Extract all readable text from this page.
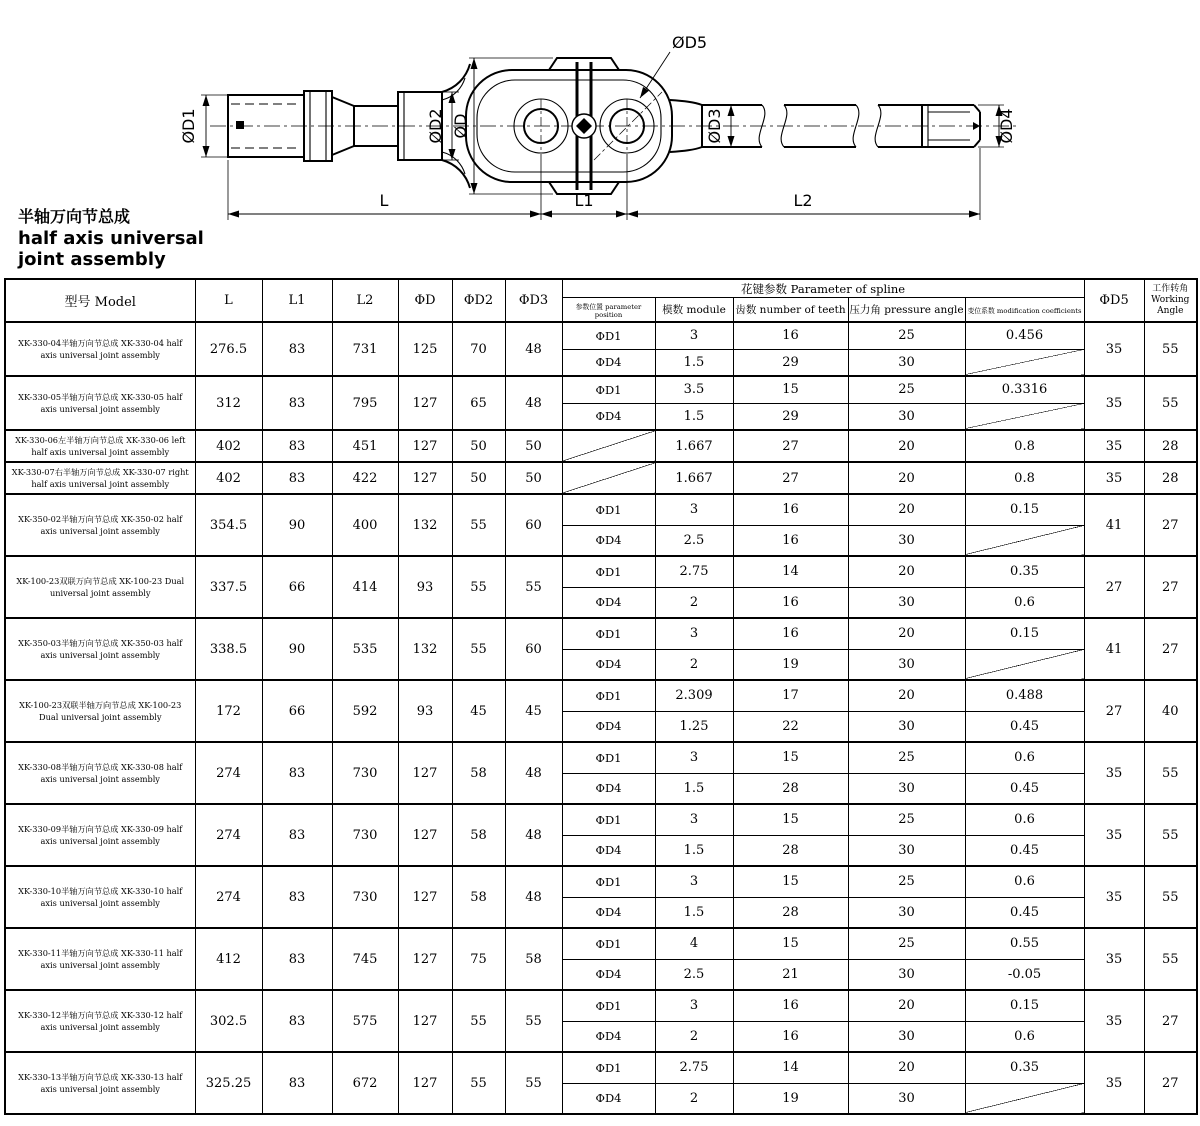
ØD1	ØD2 ØD	ØD3	ØD4
ØD5
L	L1	L2
半轴万向节总成
half axis universal
joint assembly
型号 Model	L	L1	L2	ΦD	ΦD2	ΦD3	花键参数 Parameter of spline					ΦD5	工作转角
Working Angle

							参数位置 parameter position	模数 module	齿数 number of teeth	压力角 pressure angle	变位系数 modification coefficients		
XK-330-04半轴万向节总成 XK-330-04 half axis universal joint assembly	276.5	83	731	125	70	48	ΦD1	3	16	25	0.456	35	55
							ΦD4	1.5	29	30			
XK-330-05半轴万向节总成 XK-330-05 half axis universal joint assembly	312	83	795	127	65	48	ΦD1	3.5	15	25	0.3316	35	55
							ΦD4	1.5	29	30			
XK-330-06左半轴万向节总成 XK-330-06 left half axis universal joint assembly	402	83	451	127	50	50		1.667	27	20	0.8	35	28
XK-330-07右半轴万向节总成 XK-330-07 right half axis universal joint assembly	402	83	422	127	50	50		1.667	27	20	0.8	35	28
XK-350-02半轴万向节总成 XK-350-02 half axis universal joint assembly	354.5	90	400	132	55	60	ΦD1	3	16	20	0.15	41	27
							ΦD4	2.5	16	30			
XK-100-23双联万向节总成 XK-100-23 Dual universal joint assembly	337.5	66	414	93	55	55	ΦD1	2.75	14	20	0.35	27	27
							ΦD4	2	16	30	0.6		
XK-350-03半轴万向节总成 XK-350-03 half axis universal joint assembly	338.5	90	535	132	55	60	ΦD1	3	16	20	0.15	41	27
							ΦD4	2	19	30			
XK-100-23双联半轴万向节总成 XK-100-23 Dual universal joint assembly	172	66	592	93	45	45	ΦD1	2.309	17	20	0.488	27	40
							ΦD4	1.25	22	30	0.45		
XK-330-08半轴万向节总成 XK-330-08 half axis universal joint assembly	274	83	730	127	58	48	ΦD1	3	15	25	0.6	35	55
							ΦD4	1.5	28	30	0.45		
XK-330-09半轴万向节总成 XK-330-09 half axis universal joint assembly	274	83	730	127	58	48	ΦD1	3	15	25	0.6	35	55
							ΦD4	1.5	28	30	0.45		
XK-330-10半轴万向节总成 XK-330-10 half axis universal joint assembly	274	83	730	127	58	48	ΦD1	3	15	25	0.6	35	55
							ΦD4	1.5	28	30	0.45		
XK-330-11半轴万向节总成 XK-330-11 half axis universal joint assembly	412	83	745	127	75	58	ΦD1	4	15	25	0.55	35	55
							ΦD4	2.5	21	30	-0.05		
XK-330-12半轴万向节总成 XK-330-12 half axis universal joint assembly	302.5	83	575	127	55	55	ΦD1	3	16	20	0.15	35	27
							ΦD4	2	16	30	0.6		
XK-330-13半轴万向节总成 XK-330-13 half axis universal joint assembly	325.25	83	672	127	55	55	ΦD1	2.75	14	20	0.35	35	27
							ΦD4	2	19	30			
